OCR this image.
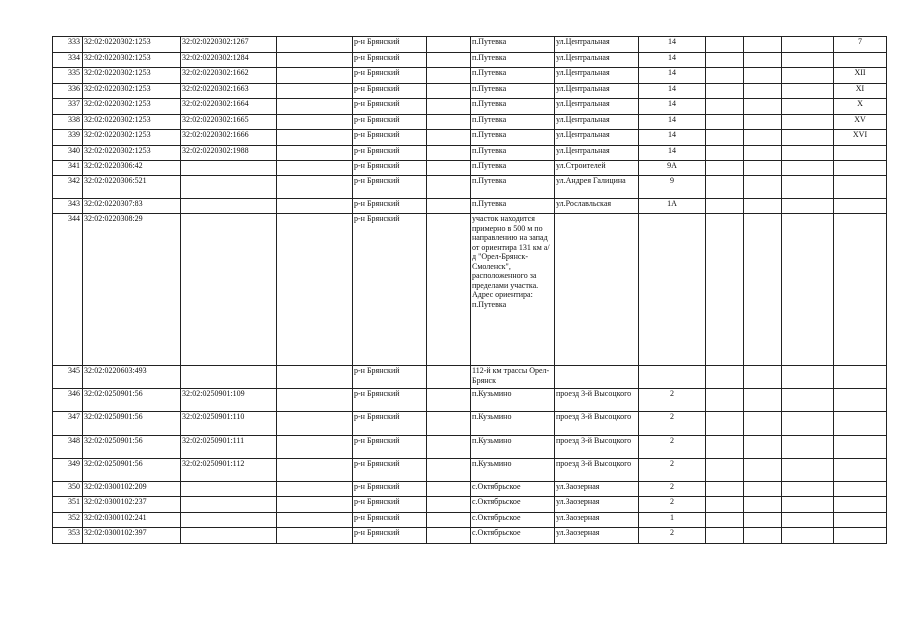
333	32:02:0220302:1253	32:02:0220302:1267		р-н Брянский		п.Путевка	ул.Центральная	14				7
334	32:02:0220302:1253	32:02:0220302:1284		р-н Брянский		п.Путевка	ул.Центральная	14				
335	32:02:0220302:1253	32:02:0220302:1662		р-н Брянский		п.Путевка	ул.Центральная	14				XII
336	32:02:0220302:1253	32:02:0220302:1663		р-н Брянский		п.Путевка	ул.Центральная	14				XI
337	32:02:0220302:1253	32:02:0220302:1664		р-н Брянский		п.Путевка	ул.Центральная	14				X
338	32:02:0220302:1253	32:02:0220302:1665		р-н Брянский		п.Путевка	ул.Центральная	14				XV
339	32:02:0220302:1253	32:02:0220302:1666		р-н Брянский		п.Путевка	ул.Центральная	14				XVI
340	32:02:0220302:1253	32:02:0220302:1988		р-н Брянский		п.Путевка	ул.Центральная	14				
341	32:02:0220306:42			р-н Брянский		п.Путевка	ул.Строителей	9А				
342	32:02:0220306:521			р-н Брянский		п.Путевка	ул.Андрея Галицина	9				
343	32:02:0220307:83			р-н Брянский		п.Путевка	ул.Рославльская	1А				
344	32:02:0220308:29			р-н Брянский		участок находится примерно в 500 м по направлению на запад от ориентира 131 км а/д "Орел-Брянск-Смоленск", расположенного за пределами участка. Адрес ориентира: п.Путевка						
345	32:02:0220603:493			р-н Брянский		112-й км трассы Орел-Брянск						
346	32:02:0250901:56	32:02:0250901:109		р-н Брянский		п.Кузьмино	проезд 3-й Высоцкого	2				
347	32:02:0250901:56	32:02:0250901:110		р-н Брянский		п.Кузьмино	проезд 3-й Высоцкого	2				
348	32:02:0250901:56	32:02:0250901:111		р-н Брянский		п.Кузьмино	проезд 3-й Высоцкого	2				
349	32:02:0250901:56	32:02:0250901:112		р-н Брянский		п.Кузьмино	проезд 3-й Высоцкого	2				
350	32:02:0300102:209			р-н Брянский		с.Октябрьское	ул.Заозерная	2				
351	32:02:0300102:237			р-н Брянский		с.Октябрьское	ул.Заозерная	2				
352	32:02:0300102:241			р-н Брянский		с.Октябрьское	ул.Заозерная	1				
353	32:02:0300102:397			р-н Брянский		с.Октябрьское	ул.Заозерная	2				
